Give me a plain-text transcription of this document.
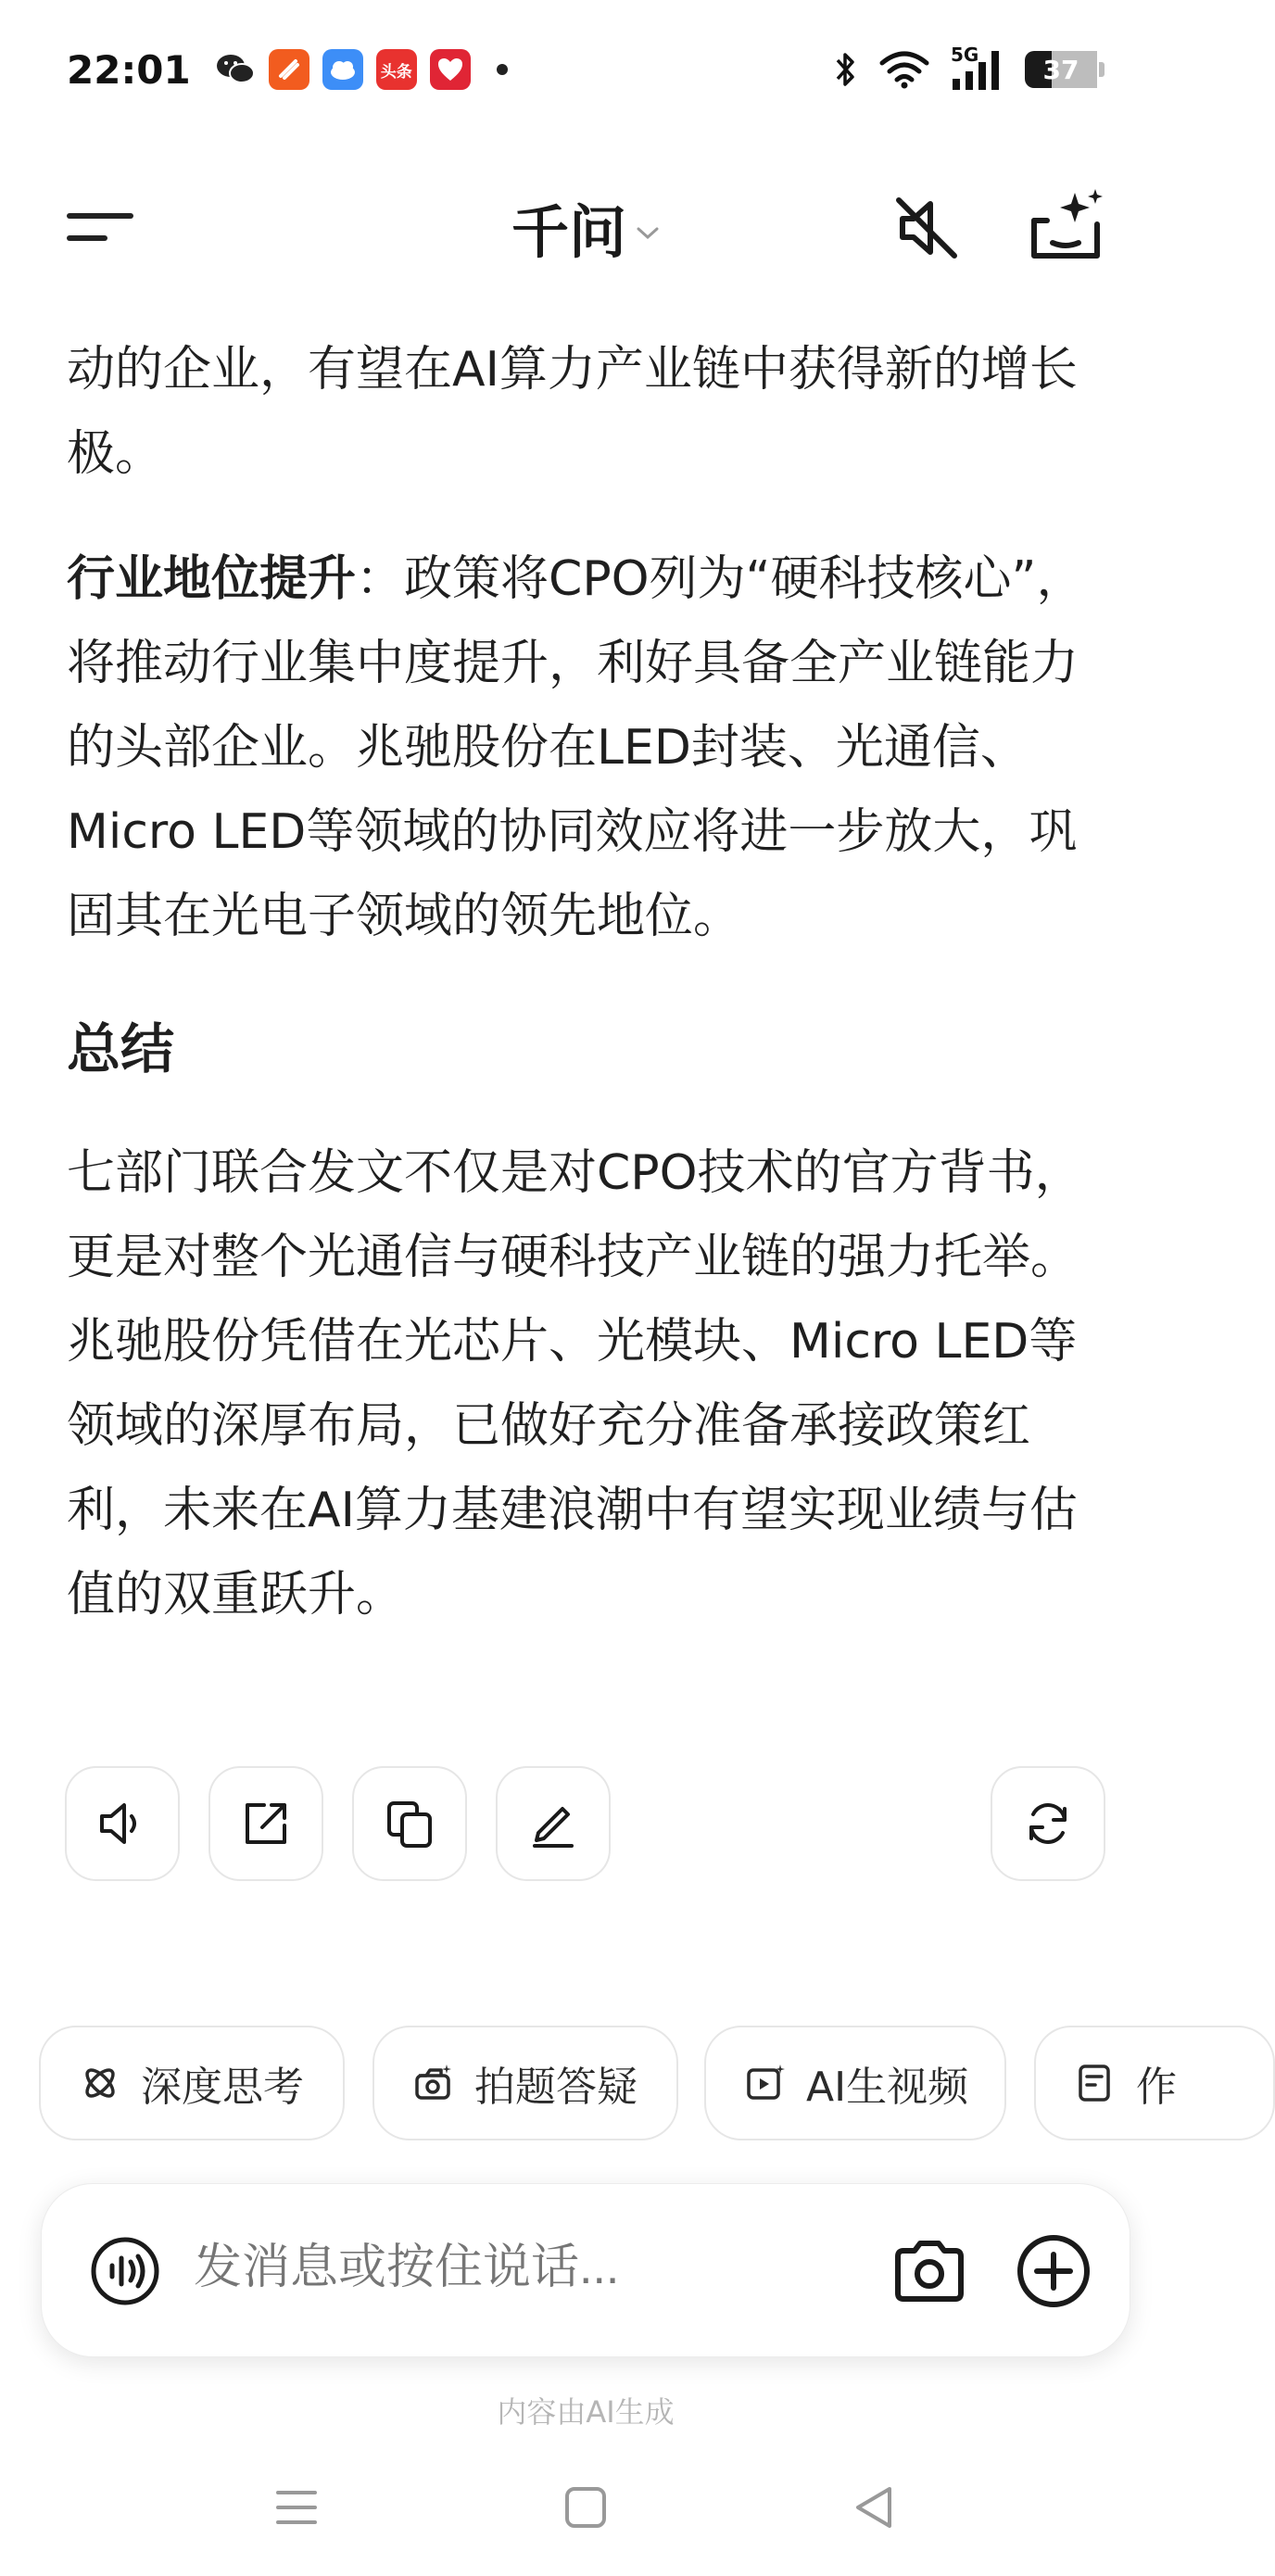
22:01	头条
5G 37
千问

动的企业，有望在AI算力产业链中获得新的增长极。

行业地位提升：政策将CPO列为“硬科技核心”，将推动行业集中度提升，利好具备全产业链能力的头部企业。兆驰股份在LED封装、光通信、Micro LED等领域的协同效应将进一步放大，巩固其在光电子领域的领先地位。

总结

七部门联合发文不仅是对CPO技术的官方背书，更是对整个光通信与硬科技产业链的强力托举。兆驰股份凭借在光芯片、光模块、Micro LED等领域的深厚布局，已做好充分准备承接政策红利，未来在AI算力基建浪潮中有望实现业绩与估值的双重跃升。

深度思考	拍题答疑	AI生视频	作
发消息或按住说话...
内容由AI生成
